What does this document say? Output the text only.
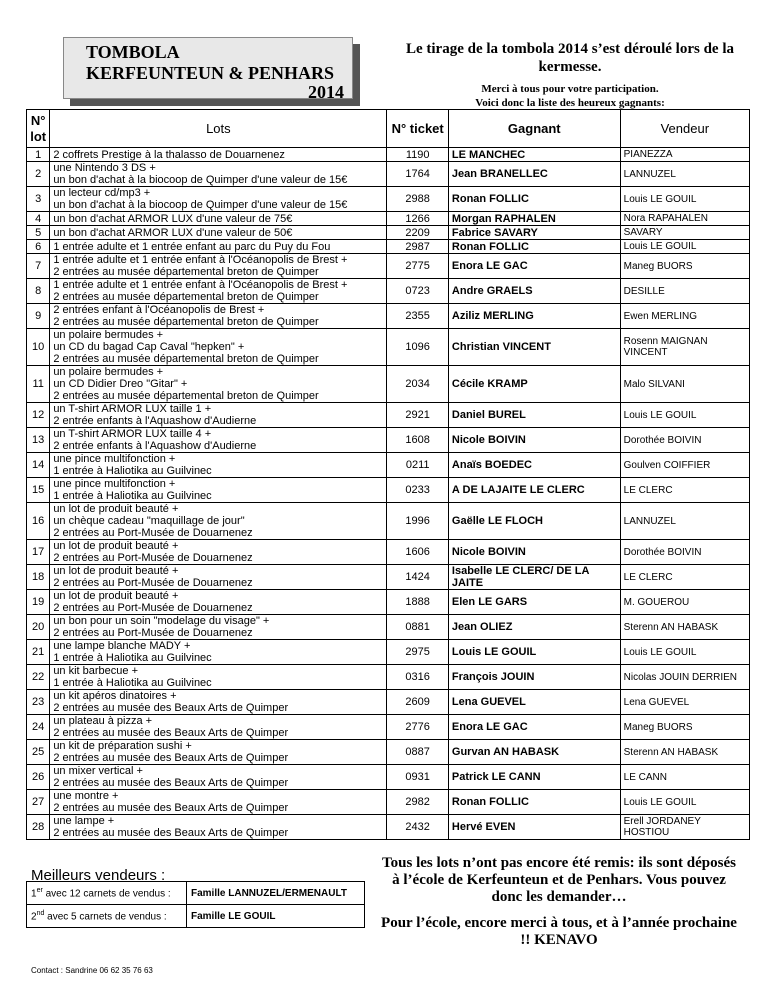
TOMBOLA
KERFEUNTEUN & PENHARS
2014
Le tirage de la tombola 2014 s’est déroulé lors de la kermesse.
Merci à tous pour votre participation.
Voici donc la liste des heureux gagnants:
N° lot	Lots	N° ticket	Gagnant	Vendeur
1	2 coffrets Prestige à la thalasso de Douarnenez	1190	LE MANCHEC	PIANEZZA
2	une Nintendo 3 DS +
un bon d'achat à la biocoop de Quimper d'une valeur de 15€	1764	Jean BRANELLEC	LANNUZEL
3	un lecteur cd/mp3 +
un bon d'achat à la biocoop de Quimper d'une valeur de 15€	2988	Ronan FOLLIC	Louis LE GOUIL
4	un bon d'achat ARMOR LUX d'une valeur de 75€	1266	Morgan RAPHALEN	Nora RAPAHALEN
5	un bon d'achat ARMOR LUX d'une valeur de 50€	2209	Fabrice SAVARY	SAVARY
6	1 entrée adulte et 1 entrée enfant au parc du Puy du Fou	2987	Ronan FOLLIC	Louis LE GOUIL
7	1 entrée adulte et 1 entrée enfant à l'Océanopolis de Brest +
2 entrées au musée départemental breton de Quimper	2775	Enora LE GAC	Maneg BUORS
8	1 entrée adulte et 1 entrée enfant à l'Océanopolis de Brest +
2 entrées au musée départemental breton de Quimper	0723	Andre GRAELS	DESILLE
9	2 entrées enfant à l'Océanopolis de Brest +
2 entrées au musée départemental breton de Quimper	2355	Aziliz MERLING	Ewen MERLING
10	un polaire bermudes +
un CD du bagad Cap Caval "hepken" +
2 entrées au musée départemental breton de Quimper	1096	Christian VINCENT	Rosenn MAIGNAN
VINCENT
11	un polaire bermudes +
un CD Didier Dreo "Gitar" +
2 entrées au musée départemental breton de Quimper	2034	Cécile KRAMP	Malo SILVANI
12	un T-shirt ARMOR LUX taille 1 +
2 entrée enfants à l'Aquashow d'Audierne	2921	Daniel BUREL	Louis LE GOUIL
13	un T-shirt ARMOR LUX taille 4 +
2 entrée enfants à l'Aquashow d'Audierne	1608	Nicole BOIVIN	Dorothée BOIVIN
14	une pince multifonction +
1 entrée à Haliotika au Guilvinec	0211	Anaïs BOEDEC	Goulven COIFFIER
15	une pince multifonction +
1 entrée à Haliotika au Guilvinec	0233	A DE LAJAITE LE CLERC	LE CLERC
16	un lot de produit beauté +
un chèque cadeau "maquillage de jour"
2 entrées au Port-Musée de Douarnenez	1996	Gaëlle LE FLOCH	LANNUZEL
17	un lot de produit beauté +
2 entrées au Port-Musée de Douarnenez	1606	Nicole BOIVIN	Dorothée BOIVIN
18	un lot de produit beauté +
2 entrées au Port-Musée de Douarnenez	1424	Isabelle LE CLERC/ DE LA
JAITE	LE CLERC
19	un lot de produit beauté +
2 entrées au Port-Musée de Douarnenez	1888	Elen LE GARS	M. GOUEROU
20	un bon pour un soin "modelage du visage" +
2 entrées au Port-Musée de Douarnenez	0881	Jean OLIEZ	Sterenn AN HABASK
21	une lampe blanche MADY +
1 entrée à Haliotika au Guilvinec	2975	Louis LE GOUIL	Louis LE GOUIL
22	un kit barbecue +
1 entrée à Haliotika au Guilvinec	0316	François JOUIN	Nicolas JOUIN DERRIEN
23	un kit apéros dinatoires +
2 entrées au musée des Beaux Arts de Quimper	2609	Lena GUEVEL	Lena GUEVEL
24	un plateau à pizza +
2 entrées au musée des Beaux Arts de Quimper	2776	Enora LE GAC	Maneg BUORS
25	un kit de préparation sushi +
2 entrées au musée des Beaux Arts de Quimper	0887	Gurvan AN HABASK	Sterenn AN HABASK
26	un mixer vertical +
2 entrées au musée des Beaux Arts de Quimper	0931	Patrick LE CANN	LE CANN
27	une montre +
2 entrées au musée des Beaux Arts de Quimper	2982	Ronan FOLLIC	Louis LE GOUIL
28	une lampe +
2 entrées au musée des Beaux Arts de Quimper	2432	Hervé EVEN	Erell JORDANEY
HOSTIOU
Meilleurs vendeurs :
1er avec 12 carnets de vendus :	Famille LANNUZEL/ERMENAULT
2nd avec 5 carnets de vendus :	Famille LE GOUIL
Contact : Sandrine 06 62 35 76 63
Tous les lots n’ont pas encore été remis: ils sont déposés à l’école de Kerfeunteun et de Penhars. Vous pouvez donc les demander…
Pour l’école, encore merci à tous, et à l’année prochaine !! KENAVO
